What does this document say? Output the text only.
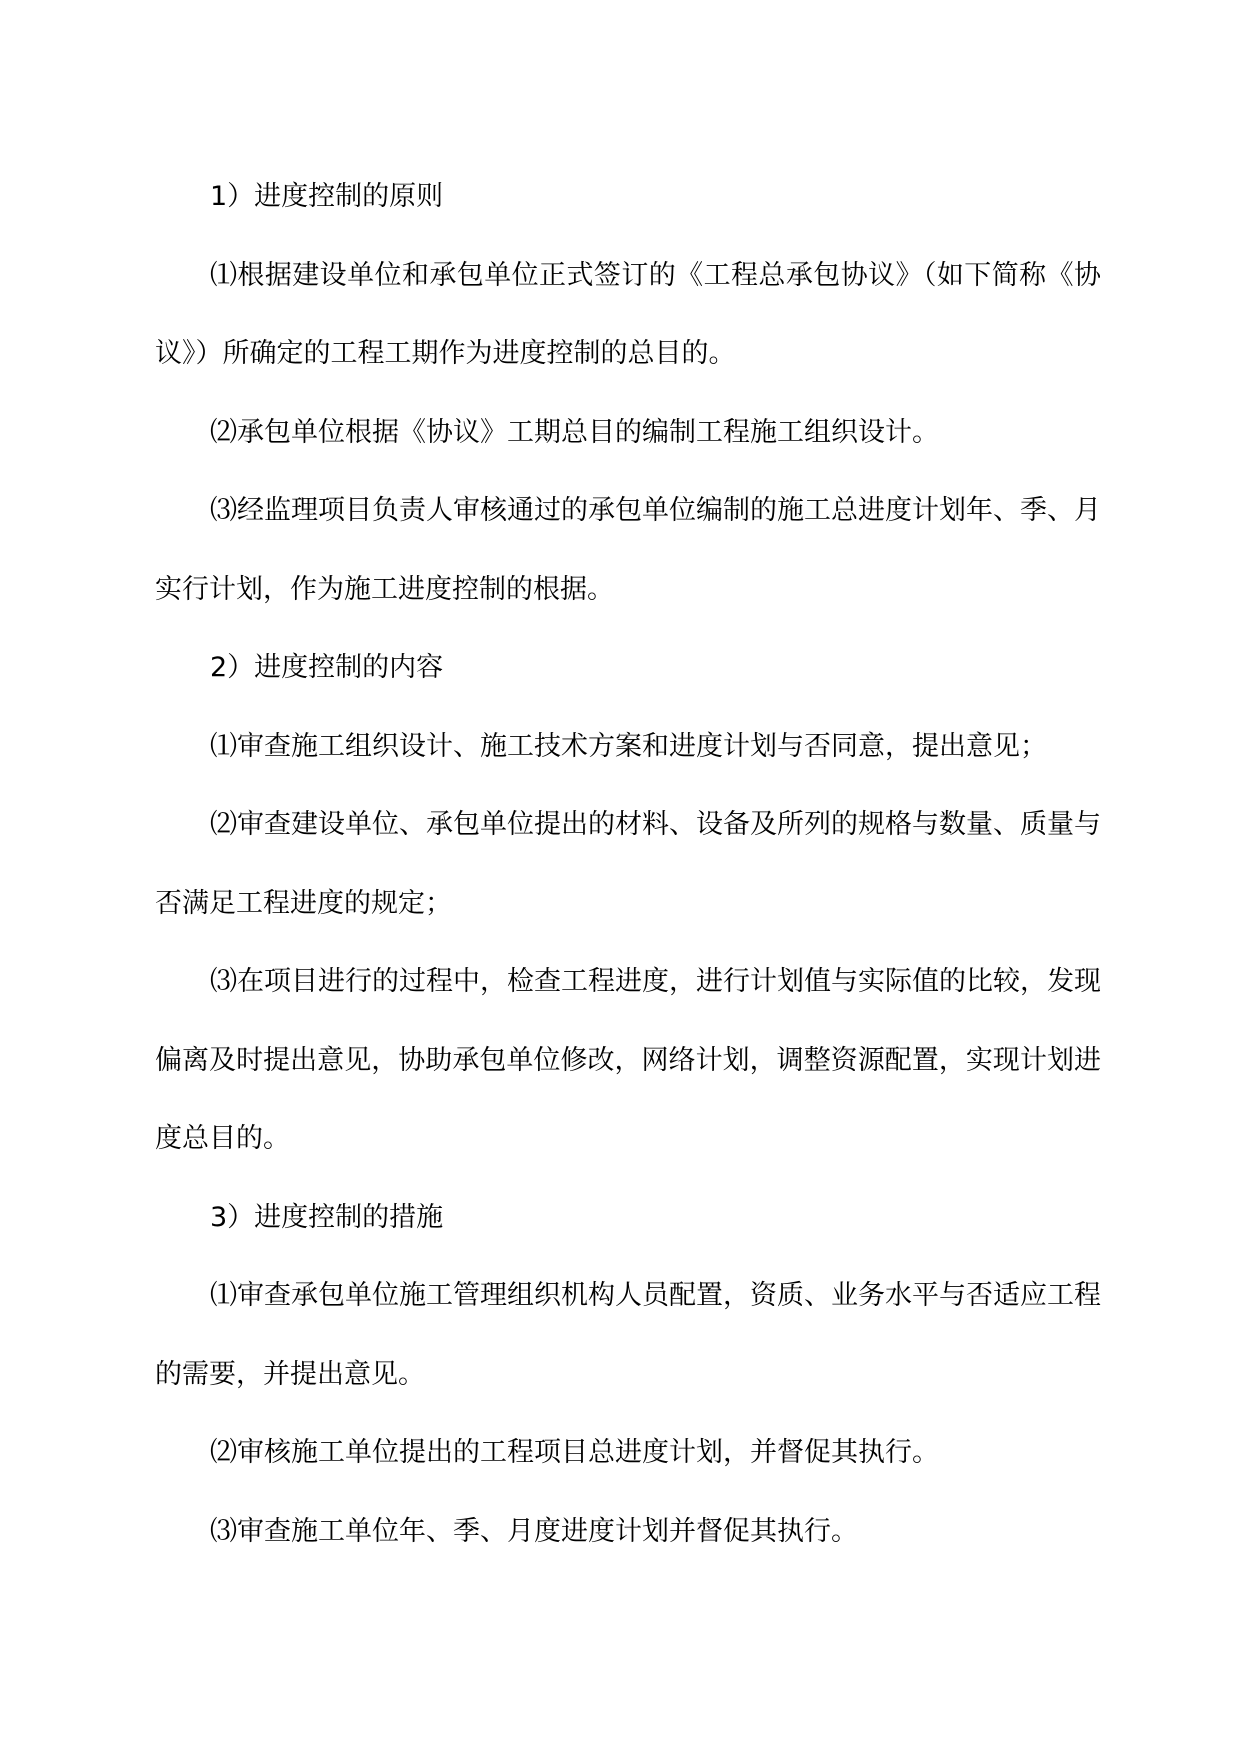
1）进度控制的原则

⑴根据建设单位和承包单位正式签订的《工程总承包协议》（如下简称《协议》）所确定的工程工期作为进度控制的总目的。

⑵承包单位根据《协议》工期总目的编制工程施工组织设计。

⑶经监理项目负责人审核通过的承包单位编制的施工总进度计划年、季、月实行计划，作为施工进度控制的根据。

2）进度控制的内容

⑴审查施工组织设计、施工技术方案和进度计划与否同意，提出意见；

⑵审查建设单位、承包单位提出的材料、设备及所列的规格与数量、质量与否满足工程进度的规定；

⑶在项目进行的过程中，检查工程进度，进行计划值与实际值的比较，发现偏离及时提出意见，协助承包单位修改，网络计划，调整资源配置，实现计划进度总目的。

3）进度控制的措施

⑴审查承包单位施工管理组织机构人员配置，资质、业务水平与否适应工程的需要，并提出意见。

⑵审核施工单位提出的工程项目总进度计划，并督促其执行。

⑶审查施工单位年、季、月度进度计划并督促其执行。
